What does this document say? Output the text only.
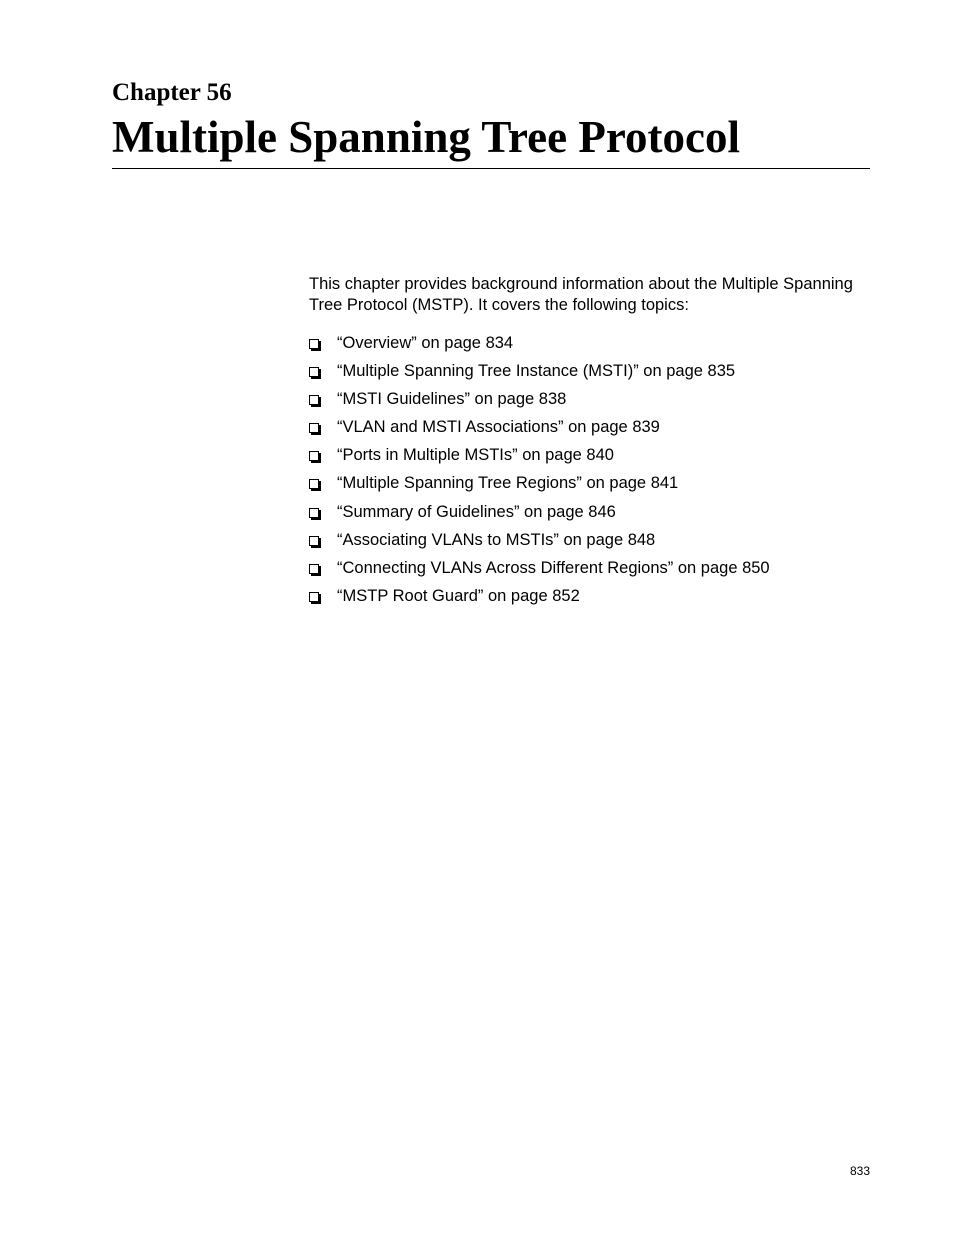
Chapter 56
Multiple Spanning Tree Protocol

This chapter provides background information about the Multiple Spanning Tree Protocol (MSTP). It covers the following topics:

“Overview” on page 834
“Multiple Spanning Tree Instance (MSTI)” on page 835
“MSTI Guidelines” on page 838
“VLAN and MSTI Associations” on page 839
“Ports in Multiple MSTIs” on page 840
“Multiple Spanning Tree Regions” on page 841
“Summary of Guidelines” on page 846
“Associating VLANs to MSTIs” on page 848
“Connecting VLANs Across Different Regions” on page 850
“MSTP Root Guard” on page 852
833
